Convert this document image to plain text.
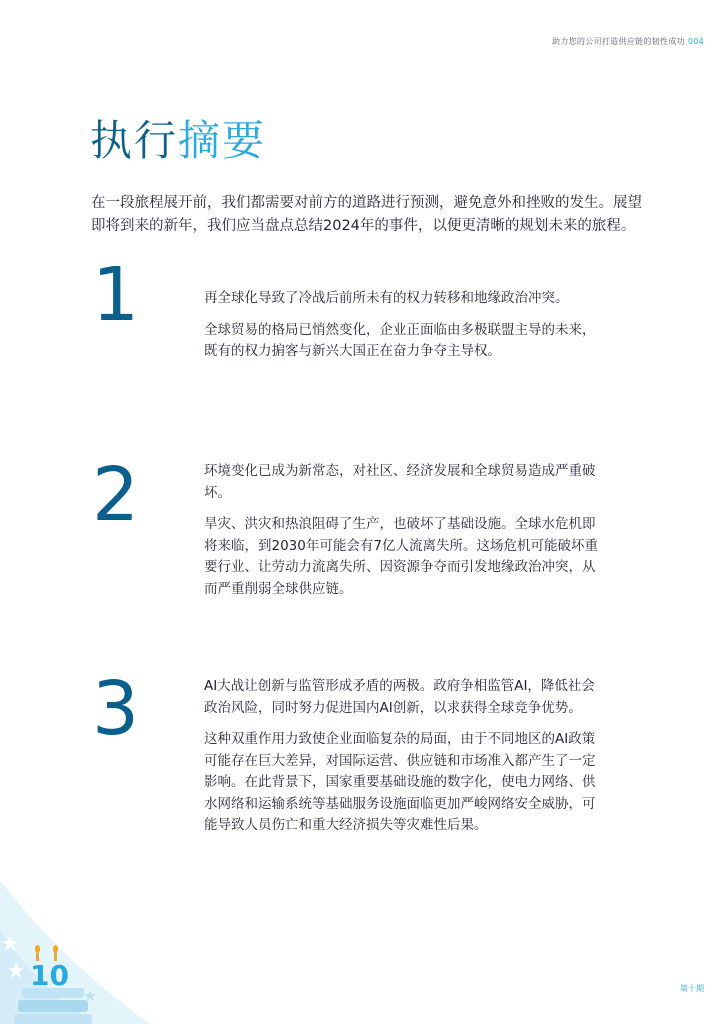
助力您的公司打造供应链的韧性成功 004
执行摘要

在一段旅程展开前，我们都需要对前方的道路进行预测，避免意外和挫败的发生。展望即将到来的新年，我们应当盘点总结2024年的事件，以便更清晰的规划未来的旅程。

1	再全球化导致了冷战后前所未有的权力转移和地缘政治冲突。

全球贸易的格局已悄然变化，企业正面临由多极联盟主导的未来，既有的权力掮客与新兴大国正在奋力争夺主导权。

2	环境变化已成为新常态，对社区、经济发展和全球贸易造成严重破坏。

旱灾、洪灾和热浪阻碍了生产，也破坏了基础设施。全球水危机即将来临，到2030年可能会有7亿人流离失所。这场危机可能破坏重要行业、让劳动力流离失所、因资源争夺而引发地缘政治冲突，从而严重削弱全球供应链。

3	AI大战让创新与监管形成矛盾的两极。政府争相监管AI，降低社会政治风险，同时努力促进国内AI创新，以求获得全球竞争优势。

这种双重作用力致使企业面临复杂的局面，由于不同地区的AI政策可能存在巨大差异，对国际运营、供应链和市场准入都产生了一定影响。在此背景下，国家重要基础设施的数字化，使电力网络、供水网络和运输系统等基础服务设施面临更加严峻网络安全威胁，可能导致人员伤亡和重大经济损失等灾难性后果。

第十期
10
